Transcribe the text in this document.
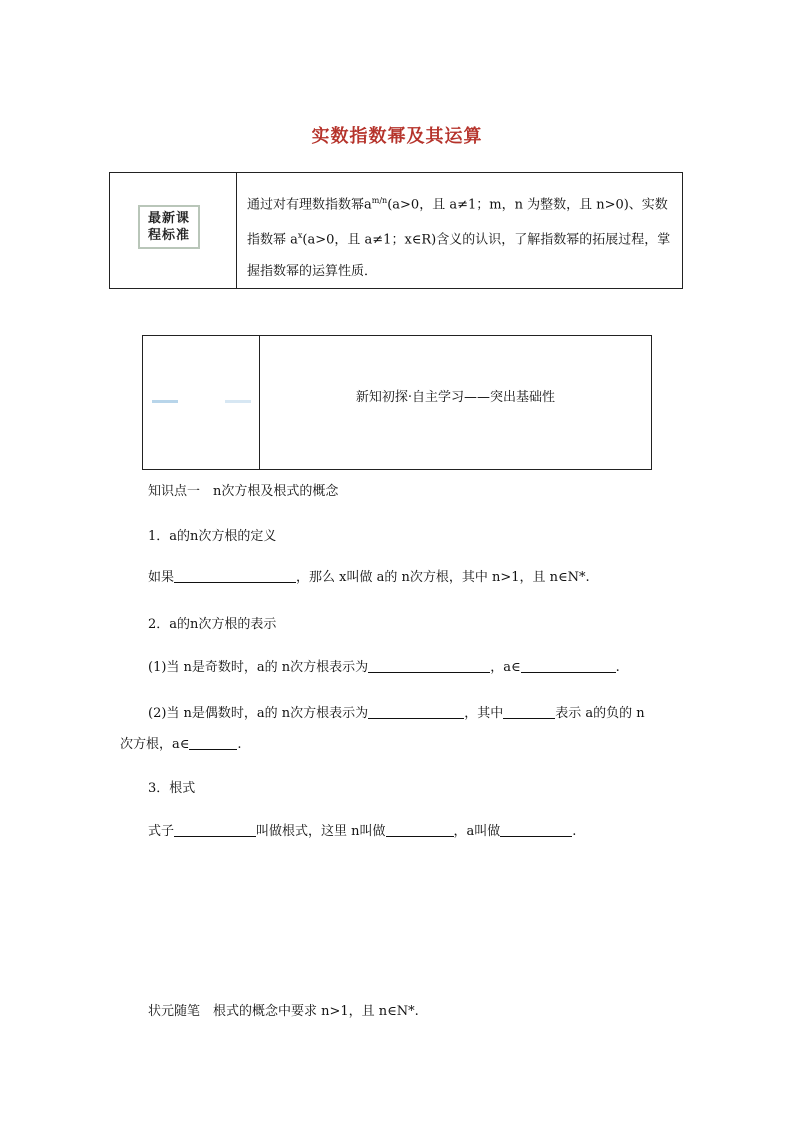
实数指数幂及其运算
最新课
程标准
通过对有理数指数幂$a^{m/n}(a>0$，且 a≠1；m，n 为整数，且 n>0)、实数指数幂 $a^x(a>0$，且 a≠1；x∈R)含义的认识，了解指数幂的拓展过程，掌握指数幂的运算性质．
新知初探·自主学习——突出基础性
知识点一　n次方根及根式的概念
1．a的n次方根的定义
如果	，那么 x叫做 a的 n次方根，其中 n>1，且 n∈N*.
2．a的n次方根的表示
(1)当 n是奇数时，a的 n次方根表示为	，a∈	.
(2)当 n是偶数时，a的 n次方根表示为	，其中	表示 a的负的 n
次方根，a∈	.
3．根式
式子	叫做根式，这里 n叫做	，a叫做	.
状元随笔　根式的概念中要求 n>1，且 n∈N*.
